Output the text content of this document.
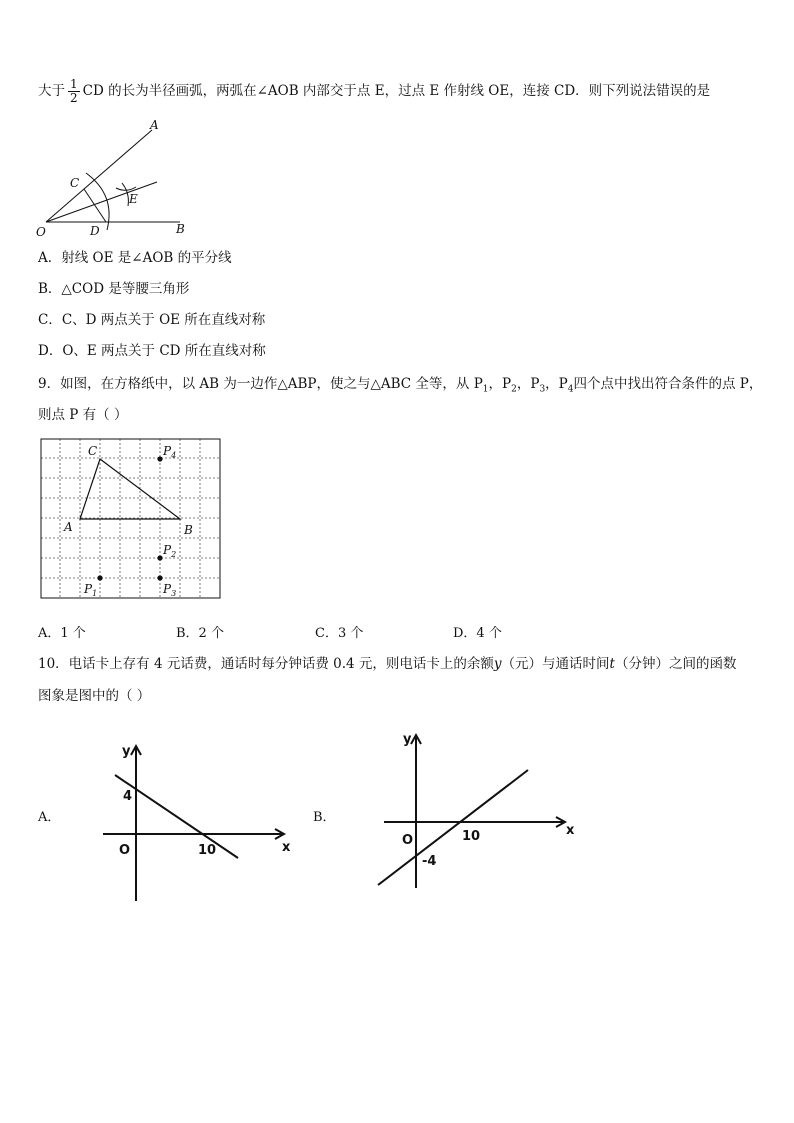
大于 $\frac{1}{2}$ CD 的长为半径画弧，两弧在∠AOB 内部交于点 E，过点 E 作射线 OE，连接 CD．则下列说法错误的是
A
B
C
D
E
O
A．射线 OE 是∠AOB 的平分线
B．△COD 是等腰三角形
C．C、D 两点关于 OE 所在直线对称
D．O、E 两点关于 CD 所在直线对称
9．如图，在方格纸中，以 AB 为一边作△ABP，使之与△ABC 全等，从 $P_1$，$P_2$，$P_3$，$P_4$四个点中找出符合条件的点 P，
则点 P 有（ ）
A	B
C	$P_4$
$P_2$
$P_3$
$P_1$
A．1 个	B．2 个	C．3 个	D．4 个
10．电话卡上存有 4 元话费，通话时每分钟话费 0.4 元，则电话卡上的余额y（元）与通话时间t（分钟）之间的函数
图象是图中的（ ）
A．	B．
y
x
O
4
10
y
x
O
-4
10
